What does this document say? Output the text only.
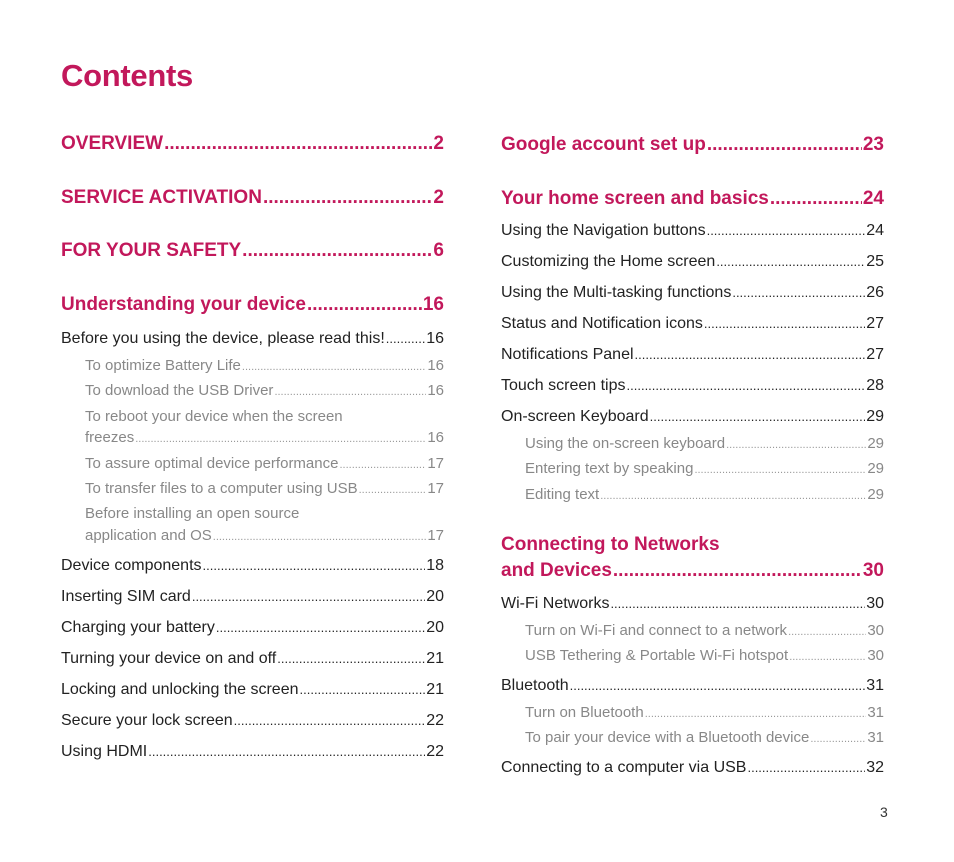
Contents
OVERVIEW .....	2
SERVICE ACTIVATION .....	2
FOR YOUR SAFETY .....	6
Understanding your device .....	16
Before you using the device, please read this! .....	16
To optimize Battery Life .....	16
To download the USB Driver .....	16
To reboot your device when the screen
freezes .....	16
To assure optimal device performance .....	17
To transfer files to a computer using USB .....	17
Before installing an open source
application and OS .....	17
Device components .....	18
Inserting SIM card .....	20
Charging your battery .....	20
Turning your device on and off .....	21
Locking and unlocking the screen .....	21
Secure your lock screen .....	22
Using HDMI .....	22
Google account set up .....	23
Your home screen and basics .....	24
Using the Navigation buttons .....	24
Customizing the Home screen .....	25
Using the Multi-tasking functions .....	26
Status and Notification icons .....	27
Notifications Panel .....	27
Touch screen tips .....	28
On-screen Keyboard .....	29
Using the on-screen keyboard .....	29
Entering text by speaking .....	29
Editing text .....	29
Connecting to Networks
and Devices .....	30
Wi-Fi Networks .....	30
Turn on Wi-Fi and connect to a network .....	30
USB Tethering & Portable Wi-Fi hotspot .....	30
Bluetooth .....	31
Turn on Bluetooth .....	31
To pair your device with a Bluetooth device .....	31
Connecting to a computer via USB .....	32
3
